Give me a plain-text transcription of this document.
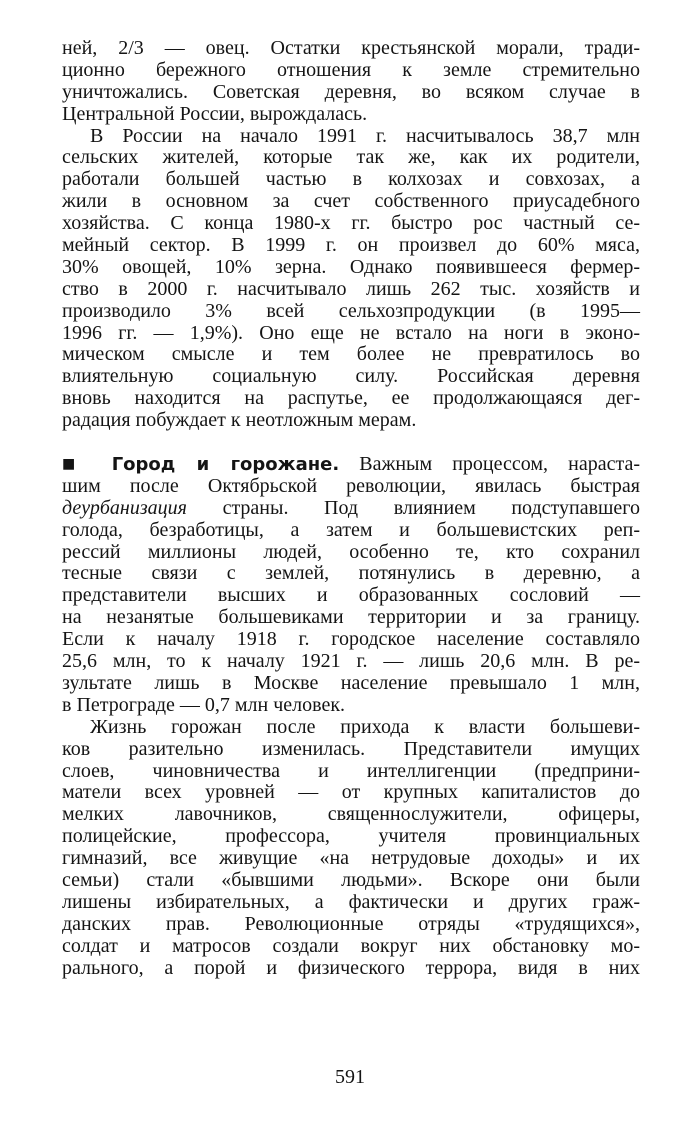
ней, 2/3 — овец. Остатки крестьянской морали, тради-
ционно бережного отношения к земле стремительно
уничтожались. Советская деревня, во всяком случае в
Центральной России, вырождалась.
В России на начало 1991 г. насчитывалось 38,7 млн
сельских жителей, которые так же, как их родители,
работали большей частью в колхозах и совхозах, а
жили в основном за счет собственного приусадебного
хозяйства. С конца 1980-х гг. быстро рос частный се-
мейный сектор. В 1999 г. он произвел до 60% мяса,
30% овощей, 10% зерна. Однако появившееся фермер-
ство в 2000 г. насчитывало лишь 262 тыс. хозяйств и
производило 3% всей сельхозпродукции (в 1995—
1996 гг. — 1,9%). Оно еще не встало на ноги в эконо-
мическом смысле и тем более не превратилось во
влиятельную социальную силу. Российская деревня
вновь находится на распутье, ее продолжающаяся дег-
радация побуждает к неотложным мерам.
■ Город и горожане. Важным процессом, нараста-
шим после Октябрьской революции, явилась быстрая
деурбанизация страны. Под влиянием подступавшего
голода, безработицы, а затем и большевистских реп-
рессий миллионы людей, особенно те, кто сохранил
тесные связи с землей, потянулись в деревню, а
представители высших и образованных сословий —
на незанятые большевиками территории и за границу.
Если к началу 1918 г. городское население составляло
25,6 млн, то к началу 1921 г. — лишь 20,6 млн. В ре-
зультате лишь в Москве население превышало 1 млн,
в Петрограде — 0,7 млн человек.
Жизнь горожан после прихода к власти большеви-
ков разительно изменилась. Представители имущих
слоев, чиновничества и интеллигенции (предприни-
матели всех уровней — от крупных капиталистов до
мелких лавочников, священнослужители, офицеры,
полицейские, профессора, учителя провинциальных
гимназий, все живущие «на нетрудовые доходы» и их
семьи) стали «бывшими людьми». Вскоре они были
лишены избирательных, а фактически и других граж-
данских прав. Революционные отряды «трудящихся»,
солдат и матросов создали вокруг них обстановку мо-
рального, а порой и физического террора, видя в них
591
